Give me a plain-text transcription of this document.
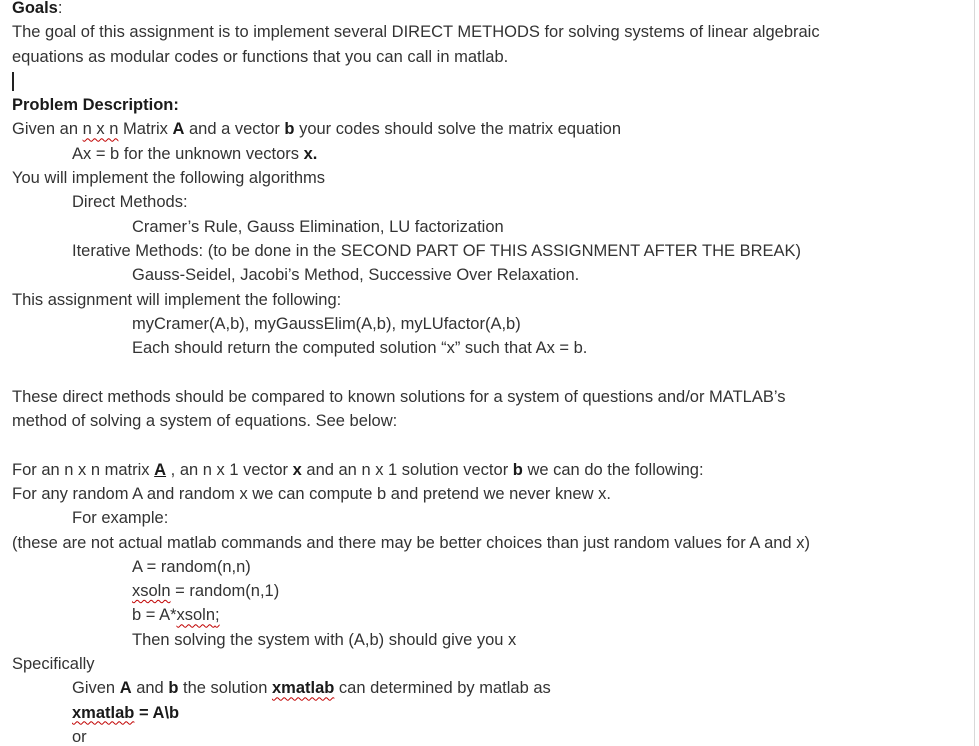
Goals:
The goal of this assignment is to implement several DIRECT METHODS for solving systems of linear algebraic
equations as modular codes or functions that you can call in matlab.
Problem Description:
Given an n x n Matrix A and a vector b your codes should solve the matrix equation
Ax = b for the unknown vectors x.
You will implement the following algorithms
Direct Methods:
Cramer’s Rule, Gauss Elimination, LU factorization
Iterative Methods: (to be done in the SECOND PART OF THIS ASSIGNMENT AFTER THE BREAK)
Gauss-Seidel, Jacobi’s Method, Successive Over Relaxation.
This assignment will implement the following:
myCramer(A,b), myGaussElim(A,b), myLUfactor(A,b)
Each should return the computed solution “x” such that Ax = b.
These direct methods should be compared to known solutions for a system of questions and/or MATLAB’s
method of solving a system of equations. See below:
For an n x n matrix A , an n x 1 vector x and an n x 1 solution vector b we can do the following:
For any random A and random x we can compute b and pretend we never knew x.
For example:
(these are not actual matlab commands and there may be better choices than just random values for A and x)
A = random(n,n)
xsoln = random(n,1)
b = A*xsoln;
Then solving the system with (A,b) should give you x
Specifically
Given A and b the solution xmatlab can determined by matlab as
xmatlab = A\b
or
